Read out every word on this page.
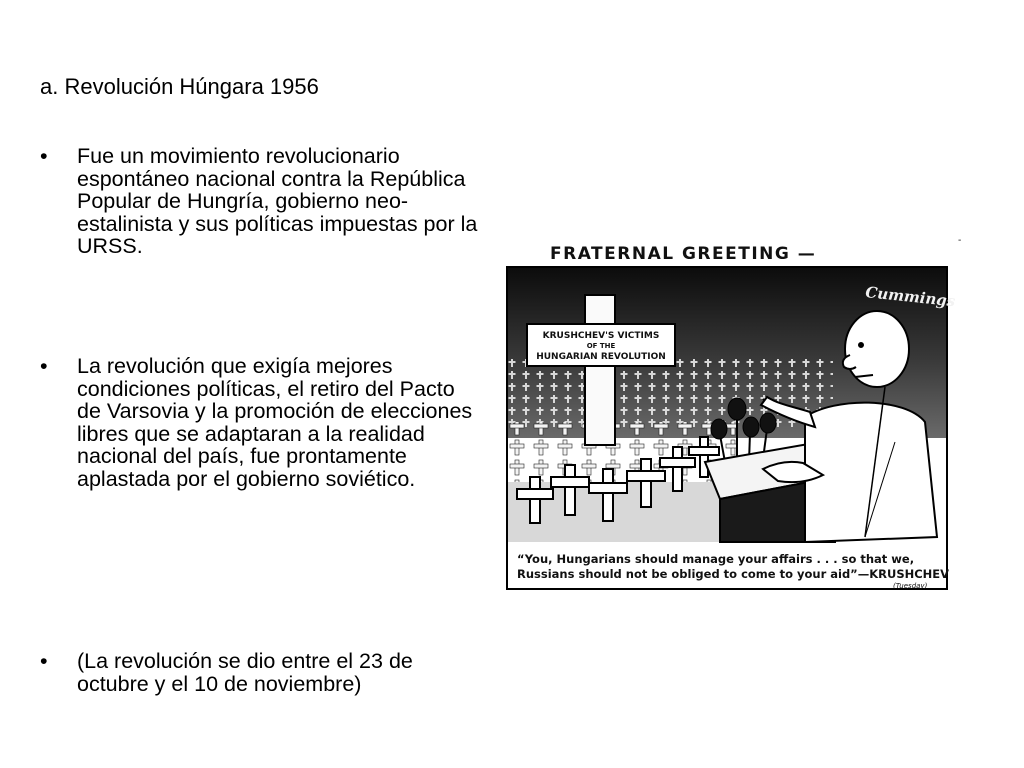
a. Revolución Húngara 1956
•	Fue un movimiento revolucionario espontáneo nacional contra la República Popular de Hungría, gobierno neo-estalinista y sus políticas impuestas por la URSS.
•	La revolución que exigía mejores condiciones políticas, el retiro del Pacto de Varsovia y la promoción de elecciones libres que se adaptaran a la realidad nacional del país, fue prontamente aplastada por el gobierno soviético.
•	(La revolución se dio entre el 23 de octubre y el 10 de noviembre)
FRATERNAL GREETING —
-
KRUSHCHEV'S VICTIMS
OF THE
HUNGARIAN REVOLUTION
Cummings
“You, Hungarians should manage your affairs . . . so that we,
Russians should not be obliged to come to your aid”—KRUSHCHEV
(Tuesday)
